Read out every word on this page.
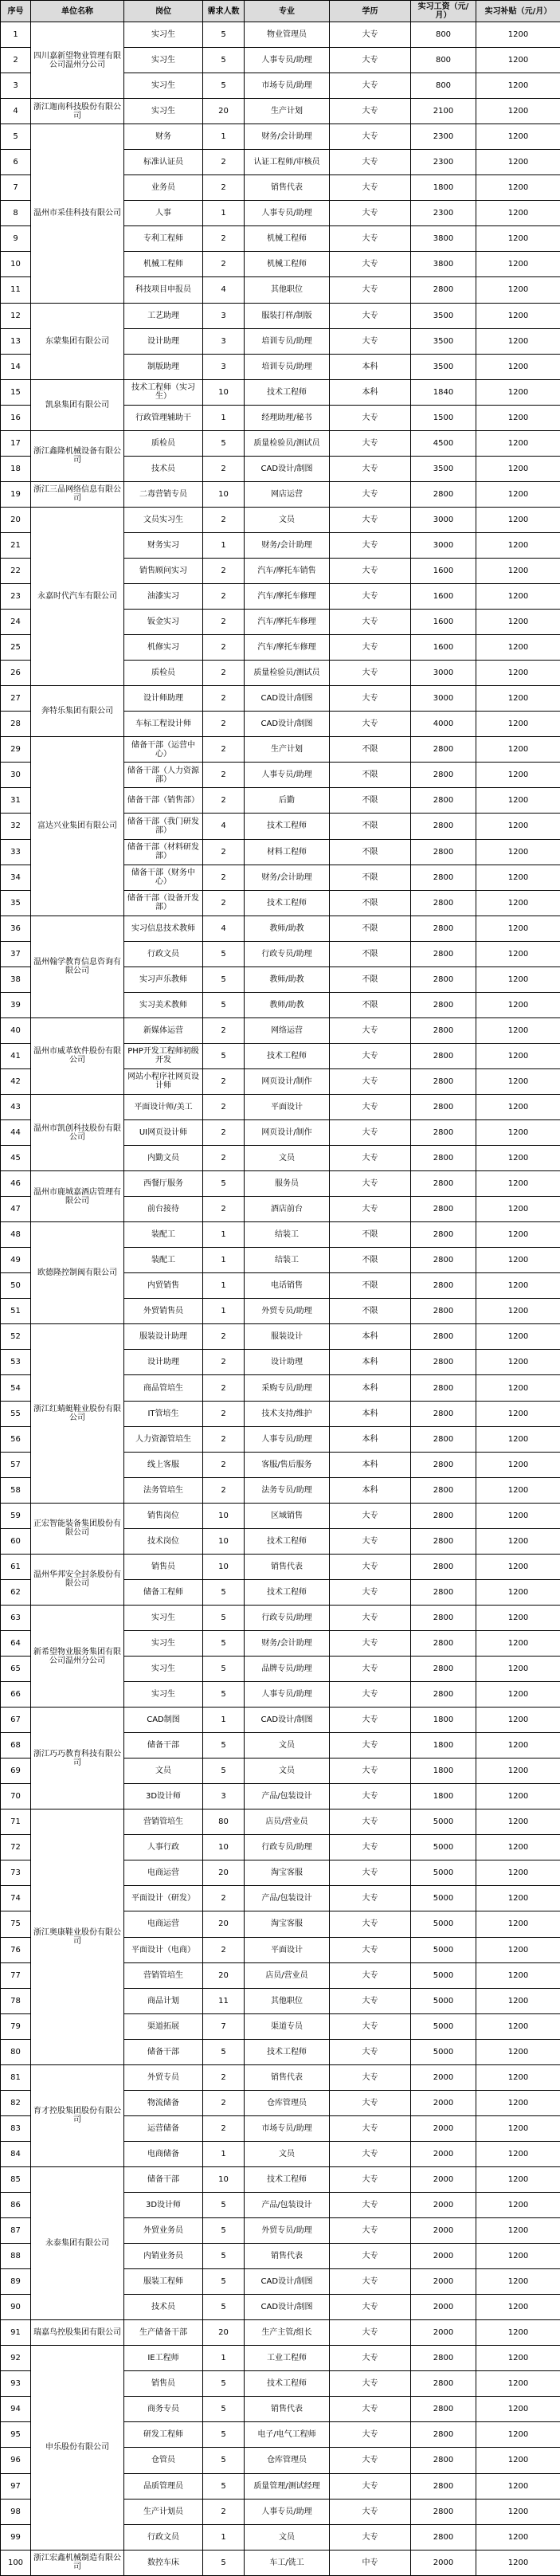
序号	单位名称	岗位	需求人数	专业	学历	实习工资（元/月）	实习补贴（元/月）
1	四川嘉新望物业管理有限公司温州分公司	实习生	5	物业管理员	大专	800	1200
2		实习生	5	人事专员/助理	大专	800	1200
3		实习生	5	市场专员/助理	大专	800	1200
4	浙江迦南科技股份有限公司	实习生	20	生产计划	大专	2100	1200
5	温州市采佳科技有限公司	财务	1	财务/会计助理	大专	2300	1200
6		标准认证员	2	认证工程师/审核员	大专	2300	1200
7		业务员	2	销售代表	大专	1800	1200
8		人事	1	人事专员/助理	大专	2300	1200
9		专利工程师	2	机械工程师	大专	3800	1200
10		机械工程师	2	机械工程师	大专	3800	1200
11		科技项目申报员	4	其他职位	大专	2800	1200
12	东蒙集团有限公司	工艺助理	3	服装打样/制版	大专	3500	1200
13		设计助理	3	培训专员/助理	大专	3500	1200
14		制版助理	3	培训专员/助理	本科	3500	1200
15	凯泉集团有限公司	技术工程师（实习生）	10	技术工程师	本科	1840	1200
16		行政管理辅助干	1	经理助理/秘书	大专	1500	1200
17	浙江鑫隆机械设备有限公司	质检员	5	质量检验员/测试员	大专	4500	1200
18		技术员	2	CAD设计/制图	大专	3500	1200
19	浙江三品网络信息有限公司	二毒营销专员	10	网店运营	大专	2800	1200
20	永嘉时代汽车有限公司	文员实习生	2	文员	大专	3000	1200
21		财务实习	1	财务/会计助理	大专	3000	1200
22		销售顾问实习	2	汽车/摩托车销售	大专	1600	1200
23		油漆实习	2	汽车/摩托车修理	大专	1600	1200
24		钣金实习	2	汽车/摩托车修理	大专	1600	1200
25		机修实习	2	汽车/摩托车修理	大专	1600	1200
26		质检员	2	质量检验员/测试员	大专	3000	1200
27	奔特乐集团有限公司	设计师助理	2	CAD设计/制图	大专	3000	1200
28		车标工程设计师	2	CAD设计/制图	大专	4000	1200
29	富达兴业集团有限公司	储备干部（运营中心）	2	生产计划	不限	2800	1200
30		储备干部（人力资源部）	2	人事专员/助理	不限	2800	1200
31		储备干部（销售部）	2	后勤	不限	2800	1200
32		储备干部（我门研发部）	4	技术工程师	不限	2800	1200
33		储备干部（材料研发部）	2	材料工程师	不限	2800	1200
34		储备干部（财务中心）	2	财务/会计助理	不限	2800	1200
35		储备干部（设备开发部）	2	技术工程师	不限	2800	1200
36	温州翰学教育信息咨询有限公司	实习信息技术教师	4	教师/助教	不限	2800	1200
37		行政文员	5	行政专员/助理	不限	2800	1200
38		实习声乐教师	5	教师/助教	不限	2800	1200
39		实习美术教师	5	教师/助教	不限	2800	1200
40	温州市威革软件股份有限公司	新媒体运营	2	网络运营	大专	2800	1200
41		PHP开发工程师初级开发	5	技术工程师	大专	2800	1200
42		网站小程序社网页设计师	2	网页设计/制作	大专	2800	1200
43	温州市凯创科技股份有限公司	平面设计师/美工	2	平面设计	大专	2800	1200
44		UI网页设计师	2	网页设计/制作	大专	2800	1200
45		内勤文员	2	文员	大专	2800	1200
46	温州市鹿城嘉酒店管理有限公司	西餐厅服务	5	服务员	大专	2800	1200
47		前台接待	2	酒店前台	大专	2800	1200
48	欧德隆控制阀有限公司	装配工	1	结装工	不限	2800	1200
49		装配工	1	结装工	不限	2800	1200
50		内贸销售	1	电话销售	不限	2800	1200
51		外贸销售员	1	外贸专员/助理	不限	2800	1200
52	浙江红蜻蜓鞋业股份有限公司	服装设计助理	2	服装设计	本科	2800	1200
53		设计助理	2	设计助理	本科	2800	1200
54		商品管培生	2	采购专员/助理	本科	2800	1200
55		IT管培生	2	技术支持/维护	本科	2800	1200
56		人力资源管培生	2	人事专员/助理	本科	2800	1200
57		线上客服	2	客服/售后服务	本科	2800	1200
58		法务管培生	2	法务专员/助理	本科	2800	1200
59	正宏智能装备集团股份有限公司	销售岗位	10	区域销售	大专	2800	1200
60		技术岗位	10	技术工程师	大专	2800	1200
61	温州华邦安全封条股份有限公司	销售员	10	销售代表	大专	2800	1200
62		储备工程师	5	技术工程师	大专	2800	1200
63	新希望物业服务集团有限公司温州分公司	实习生	5	行政专员/助理	大专	2800	1200
64		实习生	5	财务/会计助理	大专	2800	1200
65		实习生	5	品牌专员/助理	大专	2800	1200
66		实习生	5	人事专员/助理	大专	2800	1200
67	浙江巧巧教育科技有限公司	CAD制图	1	CAD设计/制图	大专	1800	1200
68		储备干部	5	文员	大专	1800	1200
69		文员	5	文员	大专	1800	1200
70		3D设计师	3	产品/包装设计	大专	1800	1200
71	浙江奥康鞋业股份有限公司	营销管培生	80	店员/营业员	大专	5000	1200
72		人事行政	10	行政专员/助理	大专	5000	1200
73		电商运营	20	淘宝客服	大专	5000	1200
74		平面设计（研发）	2	产品/包装设计	大专	5000	1200
75		电商运营	20	淘宝客服	大专	5000	1200
76		平面设计（电商）	2	平面设计	大专	5000	1200
77		营销管培生	20	店员/营业员	大专	5000	1200
78		商品计划	11	其他职位	大专	5000	1200
79		渠道拓展	7	渠道专员	大专	5000	1200
80		储备干部	5	技术工程师	大专	5000	1200
81	育才控股集团股份有限公司	外贸专员	2	销售代表	大专	2000	1200
82		物流储备	2	仓库管理员	大专	2000	1200
83		运营储备	2	市场专员/助理	大专	2000	1200
84		电商储备	1	文员	大专	2000	1200
85	永泰集团有限公司	储备干部	10	技术工程师	大专	2000	1200
86		3D设计师	5	产品/包装设计	大专	2000	1200
87		外贸业务员	5	外贸专员/助理	大专	2000	1200
88		内销业务员	5	销售代表	大专	2000	1200
89		服装工程师	5	CAD设计/制图	大专	2000	1200
90		技术员	5	CAD设计/制图	大专	2000	1200
91	瑞嘉鸟控股集团有限公司	生产储备干部	20	生产主管/组长	大专	2000	1200
92	申乐股份有限公司	IE工程师	1	工业工程师	大专	2800	1200
93		销售员	5	技术工程师	大专	2800	1200
94		商务专员	5	销售代表	大专	2800	1200
95		研发工程师	5	电子/电气工程师	大专	2800	1200
96		仓管员	5	仓库管理员	大专	2800	1200
97		品质管理员	5	质量管理/测试经理	大专	2800	1200
98		生产计划员	2	人事专员/助理	大专	2800	1200
99		行政文员	1	文员	大专	2800	1200
100	浙江宏鑫机械制造有限公司	数控车床	5	车工/铣工	中专	2000	1200
